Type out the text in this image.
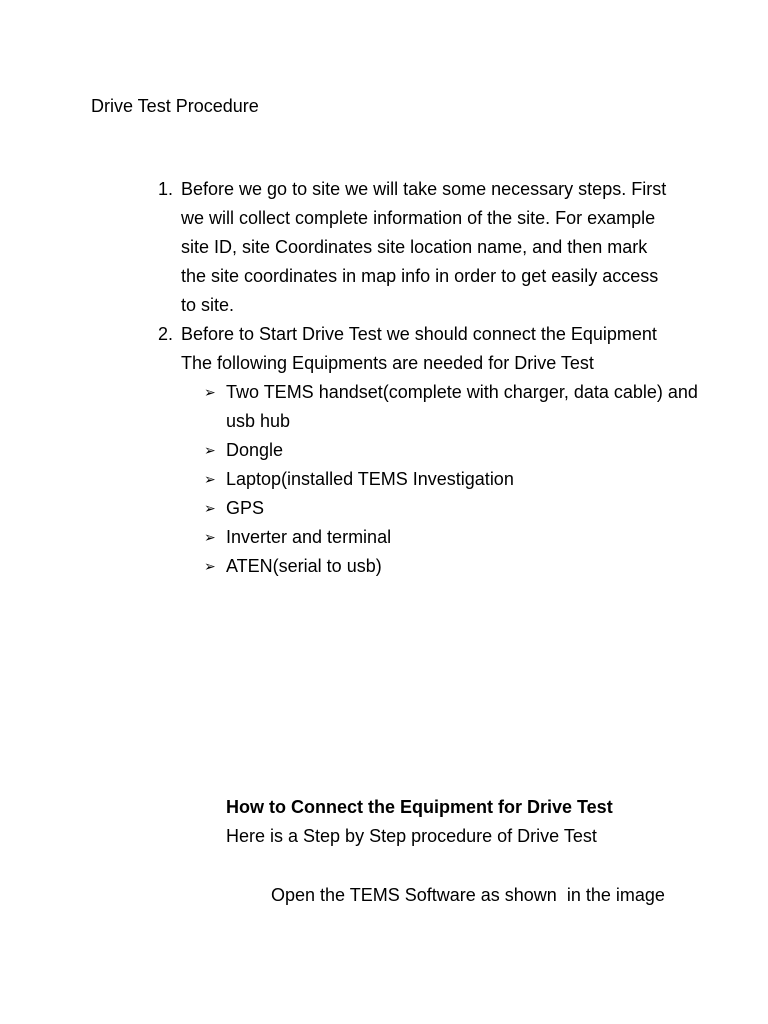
Drive Test Procedure
1. Before we go to site we will take some necessary steps. First
we will collect complete information of the site. For example
site ID, site Coordinates site location name, and then mark
the site coordinates in map info in order to get easily access
to site.
2. Before to Start Drive Test we should connect the Equipment
The following Equipments are needed for Drive Test
➢ Two TEMS handset(complete with charger, data cable) and usb hub
➢ Dongle
➢ Laptop(installed TEMS Investigation
➢ GPS
➢ Inverter and terminal
➢ ATEN(serial to usb)
How to Connect the Equipment for Drive Test
Here is a Step by Step procedure of Drive Test
Open the TEMS Software as shown  in the image
